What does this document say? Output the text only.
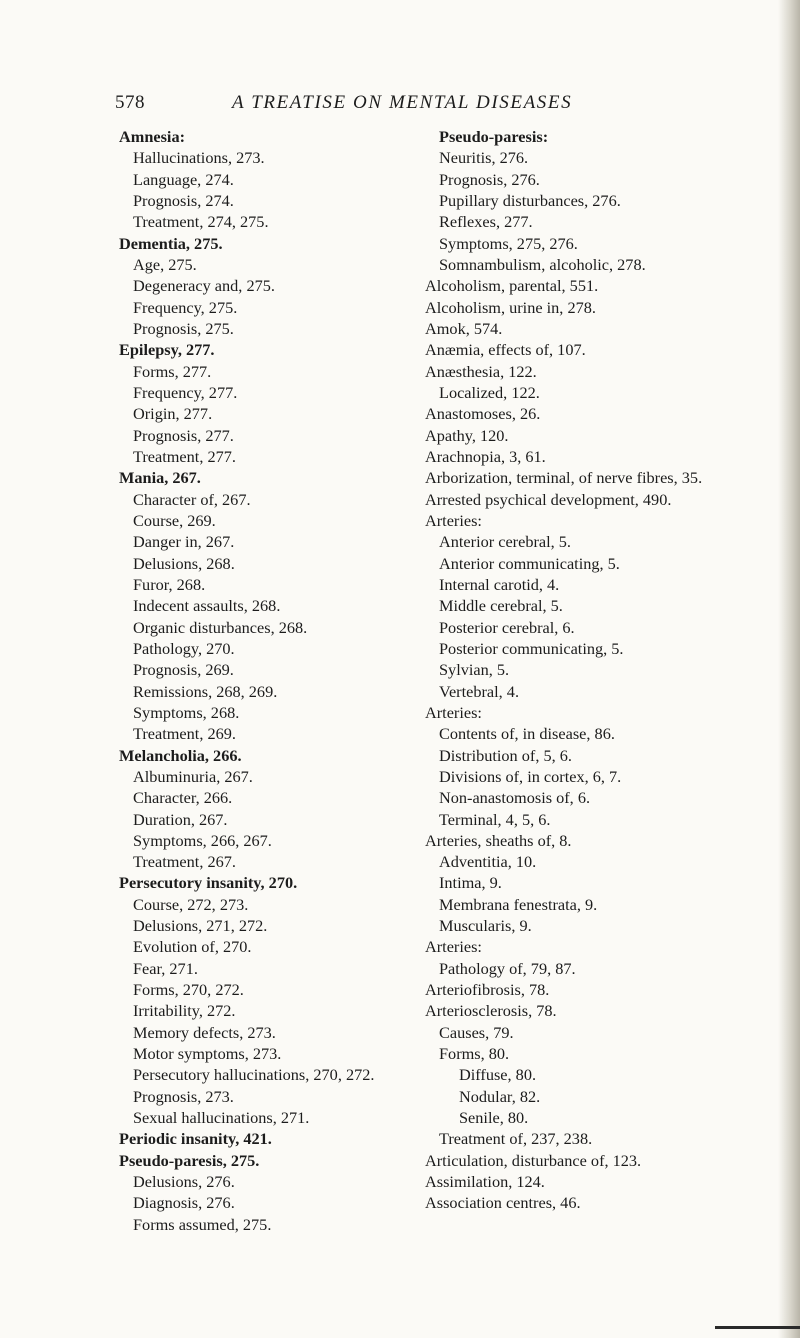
578	A TREATISE ON MENTAL DISEASES
Amnesia:
Hallucinations, 273.
Language, 274.
Prognosis, 274.
Treatment, 274, 275.
Dementia, 275.
Age, 275.
Degeneracy and, 275.
Frequency, 275.
Prognosis, 275.
Epilepsy, 277.
Forms, 277.
Frequency, 277.
Origin, 277.
Prognosis, 277.
Treatment, 277.
Mania, 267.
Character of, 267.
Course, 269.
Danger in, 267.
Delusions, 268.
Furor, 268.
Indecent assaults, 268.
Organic disturbances, 268.
Pathology, 270.
Prognosis, 269.
Remissions, 268, 269.
Symptoms, 268.
Treatment, 269.
Melancholia, 266.
Albuminuria, 267.
Character, 266.
Duration, 267.
Symptoms, 266, 267.
Treatment, 267.
Persecutory insanity, 270.
Course, 272, 273.
Delusions, 271, 272.
Evolution of, 270.
Fear, 271.
Forms, 270, 272.
Irritability, 272.
Memory defects, 273.
Motor symptoms, 273.
Persecutory hallucinations, 270, 272.
Prognosis, 273.
Sexual hallucinations, 271.
Periodic insanity, 421.
Pseudo-paresis, 275.
Delusions, 276.
Diagnosis, 276.
Forms assumed, 275.
Pseudo-paresis:
Neuritis, 276.
Prognosis, 276.
Pupillary disturbances, 276.
Reflexes, 277.
Symptoms, 275, 276.
Somnambulism, alcoholic, 278.
Alcoholism, parental, 551.
Alcoholism, urine in, 278.
Amok, 574.
Anæmia, effects of, 107.
Anæsthesia, 122.
Localized, 122.
Anastomoses, 26.
Apathy, 120.
Arachnopia, 3, 61.
Arborization, terminal, of nerve fibres, 35.
Arrested psychical development, 490.
Arteries:
Anterior cerebral, 5.
Anterior communicating, 5.
Internal carotid, 4.
Middle cerebral, 5.
Posterior cerebral, 6.
Posterior communicating, 5.
Sylvian, 5.
Vertebral, 4.
Arteries:
Contents of, in disease, 86.
Distribution of, 5, 6.
Divisions of, in cortex, 6, 7.
Non-anastomosis of, 6.
Terminal, 4, 5, 6.
Arteries, sheaths of, 8.
Adventitia, 10.
Intima, 9.
Membrana fenestrata, 9.
Muscularis, 9.
Arteries:
Pathology of, 79, 87.
Arteriofibrosis, 78.
Arteriosclerosis, 78.
Causes, 79.
Forms, 80.
Diffuse, 80.
Nodular, 82.
Senile, 80.
Treatment of, 237, 238.
Articulation, disturbance of, 123.
Assimilation, 124.
Association centres, 46.
